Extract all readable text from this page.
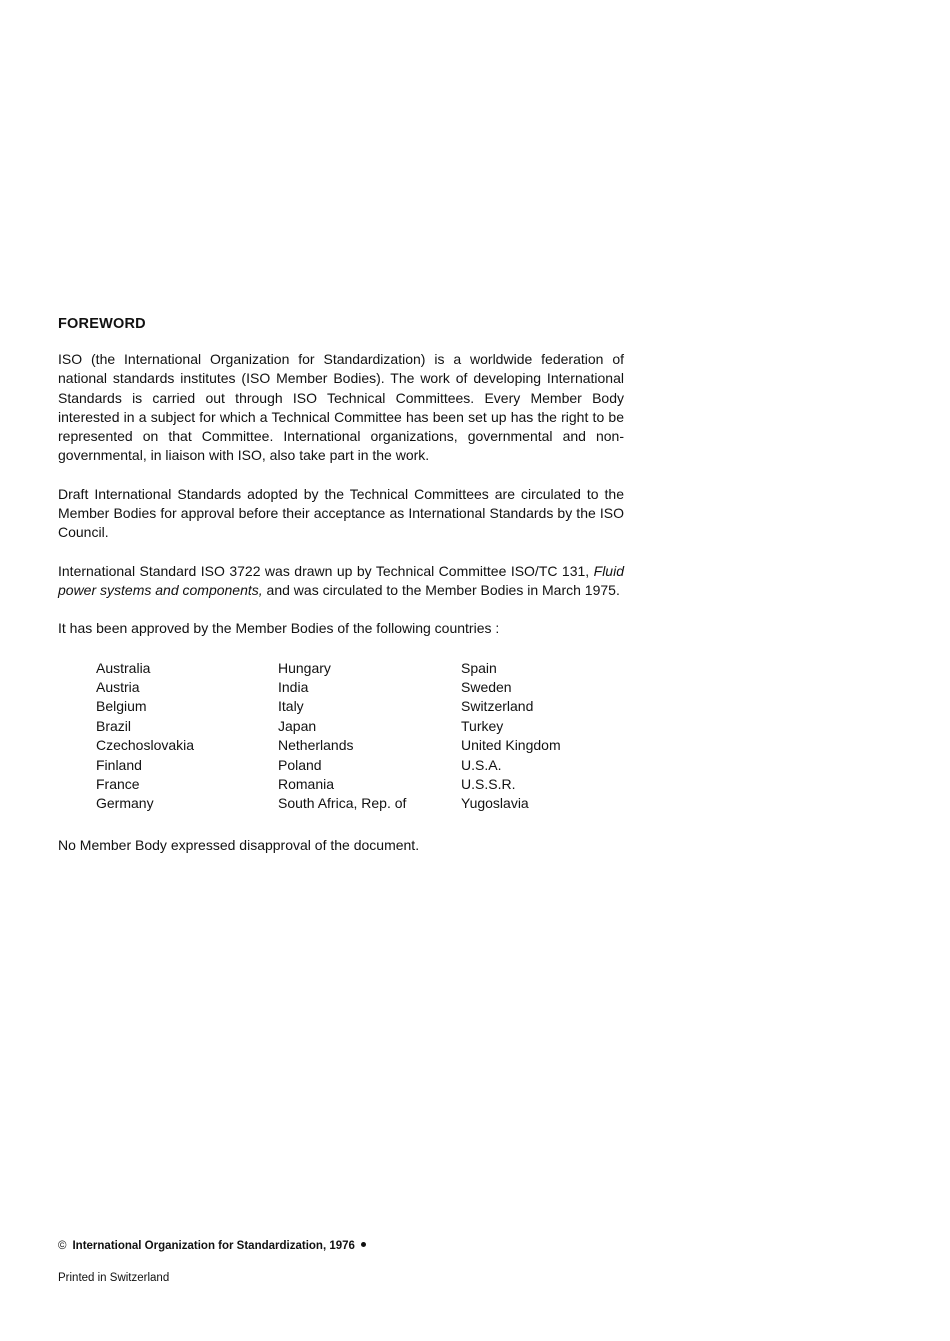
FOREWORD

ISO (the International Organization for Standardization) is a worldwide federation of national standards institutes (ISO Member Bodies). The work of developing International Standards is carried out through ISO Technical Committees. Every Member Body interested in a subject for which a Technical Committee has been set up has the right to be represented on that Committee. International organizations, governmental and non-governmental, in liaison with ISO, also take part in the work.

Draft International Standards adopted by the Technical Committees are circulated to the Member Bodies for approval before their acceptance as International Standards by the ISO Council.

International Standard ISO 3722 was drawn up by Technical Committee ISO/TC 131, Fluid power systems and components, and was circulated to the Member Bodies in March 1975.

It has been approved by the Member Bodies of the following countries :

Australia
Austria
Belgium
Brazil
Czechoslovakia
Finland
France
Germany
Hungary
India
Italy
Japan
Netherlands
Poland
Romania
South Africa, Rep. of
Spain
Sweden
Switzerland
Turkey
United Kingdom
U.S.A.
U.S.S.R.
Yugoslavia

No Member Body expressed disapproval of the document.

© International Organization for Standardization, 1976
Printed in Switzerland
